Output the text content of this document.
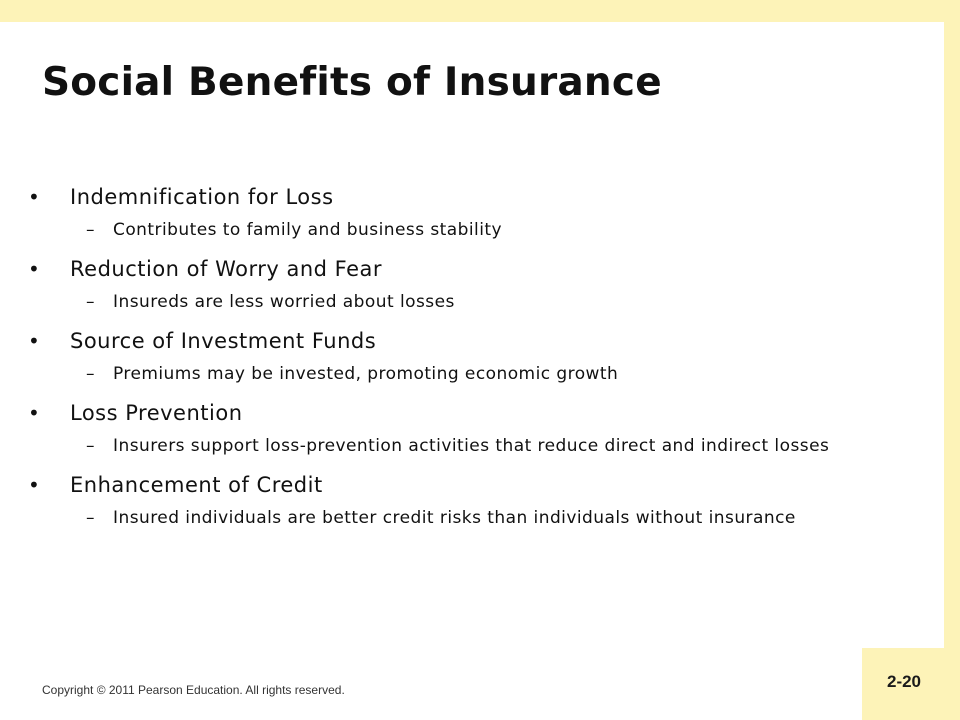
Social Benefits of Insurance
• Indemnification for Loss
– Contributes to family and business stability
• Reduction of Worry and Fear
– Insureds are less worried about losses
• Source of Investment Funds
– Premiums may be invested, promoting economic growth
• Loss Prevention
– Insurers support loss-prevention activities that reduce direct and indirect losses
• Enhancement of Credit
– Insured individuals are better credit risks than individuals without insurance
Copyright © 2011 Pearson Education. All rights reserved.	2-20
